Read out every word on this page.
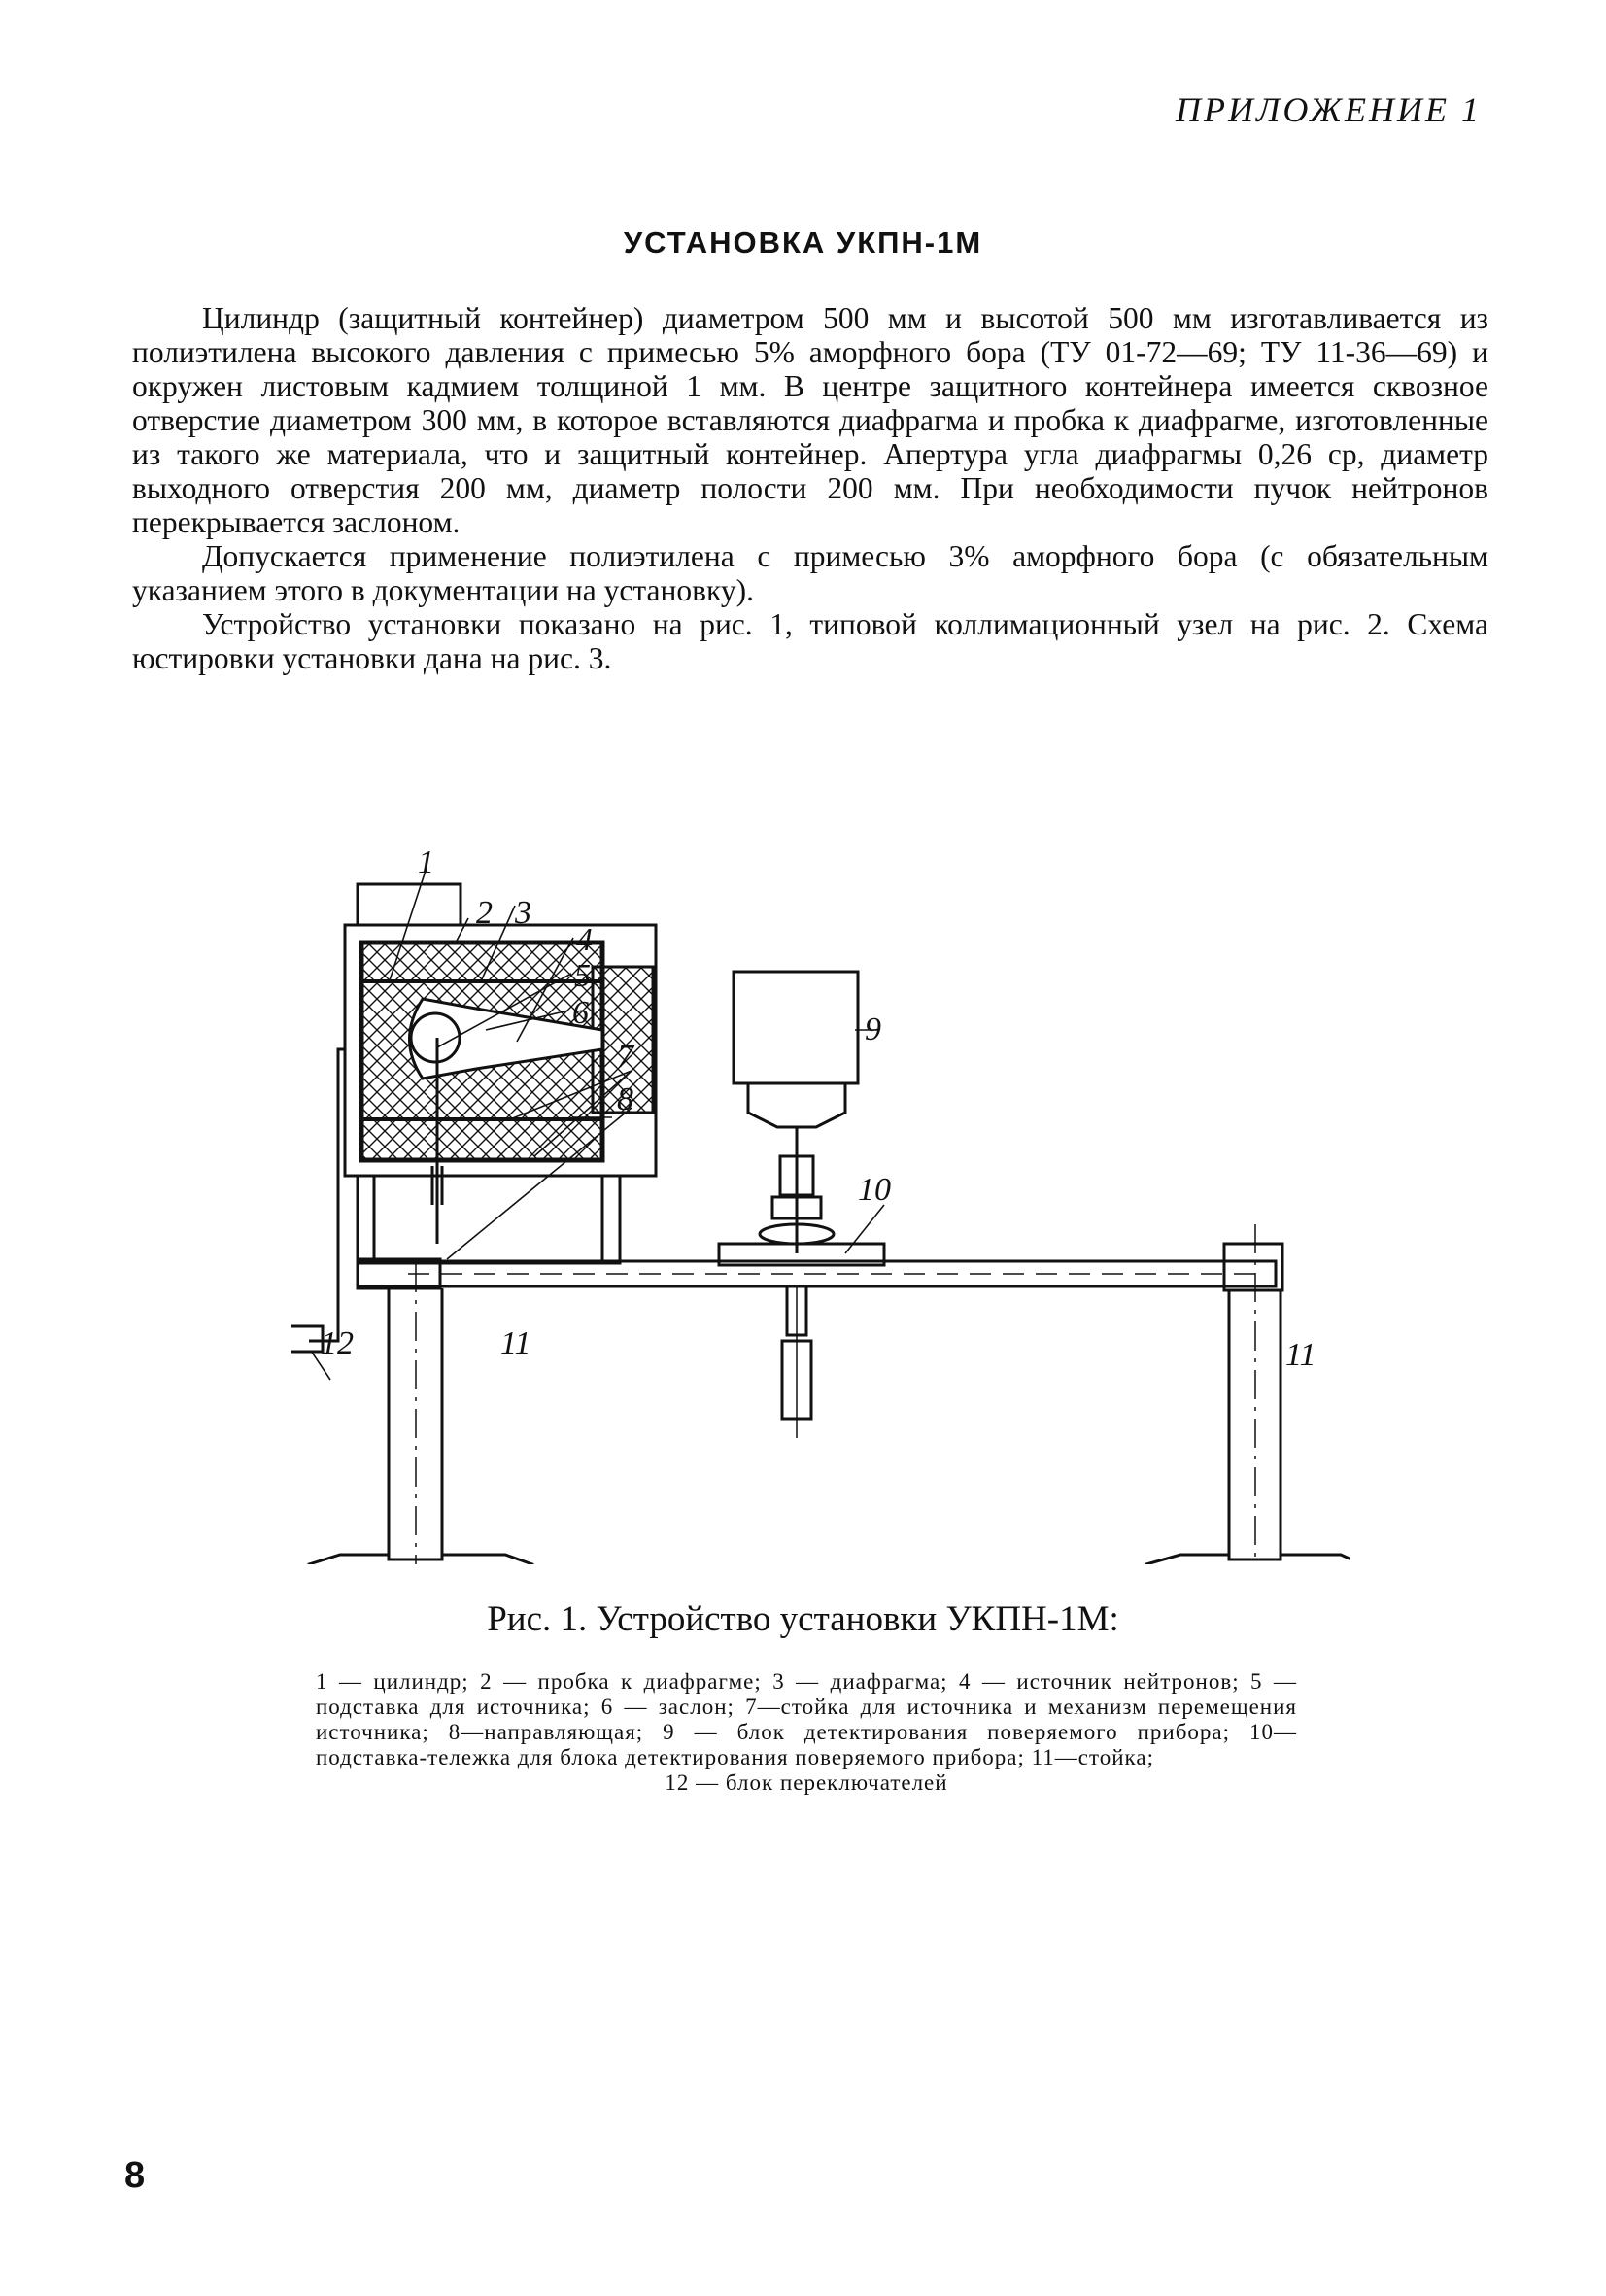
ПРИЛОЖЕНИЕ 1
УСТАНОВКА УКПН-1М

Цилиндр (защитный контейнер) диаметром 500 мм и высотой 500 мм изготавливается из полиэтилена высокого давления с примесью 5% аморфного бора (ТУ 01-72—69; ТУ 11-36—69) и окружен листовым кадмием толщиной 1 мм. В центре защитного контейнера имеется сквозное отверстие диаметром 300 мм, в которое вставляются диафрагма и пробка к диафрагме, изготовленные из такого же материала, что и защитный контейнер. Апертура угла диафрагмы 0,26 ср, диаметр выходного отверстия 200 мм, диаметр полости 200 мм. При необходимости пучок нейтронов перекрывается заслоном.

Допускается применение полиэтилена с примесью 3% аморфного бора (с обязательным указанием этого в документации на установку).

Устройство установки показано на рис. 1, типовой коллимационный узел на рис. 2. Схема юстировки установки дана на рис. 3.

1
2 3
4
5
6
7
8
9
10
11	11
12

Рис. 1. Устройство установки УКПН-1М:

1 — цилиндр; 2 — пробка к диафрагме; 3 — диафрагма; 4 — источник нейтронов; 5 — подставка для источника; 6 — заслон; 7—стойка для источника и механизм перемещения источника; 8—направляющая; 9 — блок детектирования поверяемого прибора; 10—подставка-тележка для блока детектирования поверяемого прибора; 11—стойка;
12 — блок переключателей

8
